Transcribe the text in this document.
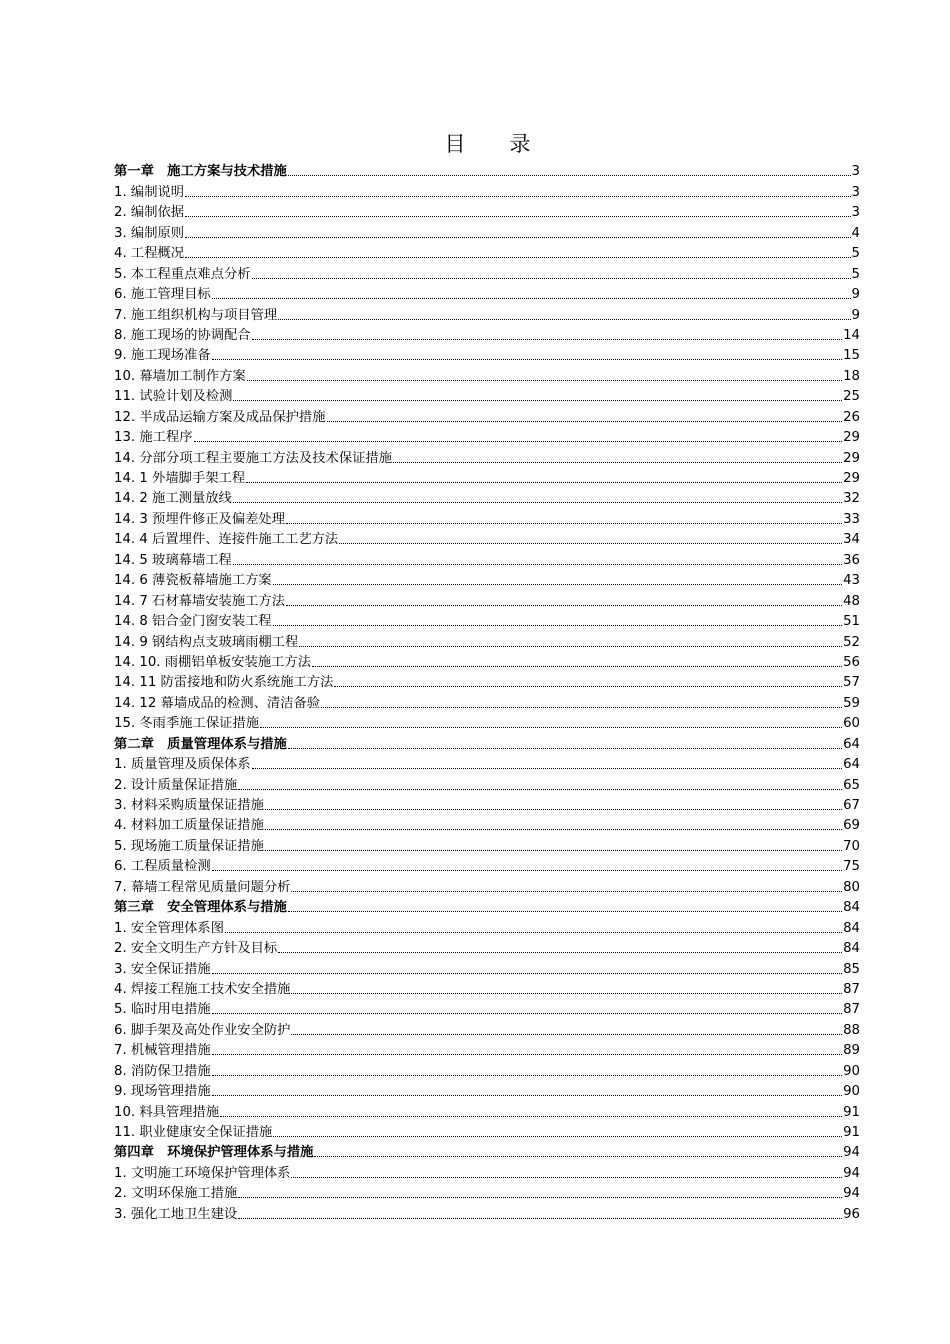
目 录
第一章　施工方案与技术措施	3
1. 编制说明	3
2. 编制依据	3
3. 编制原则	4
4. 工程概况	5
5. 本工程重点难点分析	5
6. 施工管理目标	9
7. 施工组织机构与项目管理	9
8. 施工现场的协调配合	14
9. 施工现场准备	15
10. 幕墙加工制作方案	18
11. 试验计划及检测	25
12. 半成品运输方案及成品保护措施	26
13. 施工程序	29
14. 分部分项工程主要施工方法及技术保证措施	29
14. 1 外墙脚手架工程	29
14. 2 施工测量放线	32
14. 3 预埋件修正及偏差处理	33
14. 4 后置埋件、连接件施工工艺方法	34
14. 5 玻璃幕墙工程	36
14. 6 薄瓷板幕墙施工方案	43
14. 7 石材幕墙安装施工方法	48
14. 8 铝合金门窗安装工程	51
14. 9 钢结构点支玻璃雨棚工程	52
14. 10. 雨棚铝单板安装施工方法	56
14. 11 防雷接地和防火系统施工方法	57
14. 12 幕墙成品的检测、清洁备验	59
15. 冬雨季施工保证措施	60
第二章　质量管理体系与措施	64
1. 质量管理及质保体系	64
2. 设计质量保证措施	65
3. 材料采购质量保证措施	67
4. 材料加工质量保证措施	69
5. 现场施工质量保证措施	70
6. 工程质量检测	75
7. 幕墙工程常见质量问题分析	80
第三章　安全管理体系与措施	84
1. 安全管理体系图	84
2. 安全文明生产方针及目标	84
3. 安全保证措施	85
4. 焊接工程施工技术安全措施	87
5. 临时用电措施	87
6. 脚手架及高处作业安全防护	88
7. 机械管理措施	89
8. 消防保卫措施	90
9. 现场管理措施	90
10. 料具管理措施	91
11. 职业健康安全保证措施	91
第四章　环境保护管理体系与措施	94
1. 文明施工环境保护管理体系	94
2. 文明环保施工措施	94
3. 强化工地卫生建设	96
